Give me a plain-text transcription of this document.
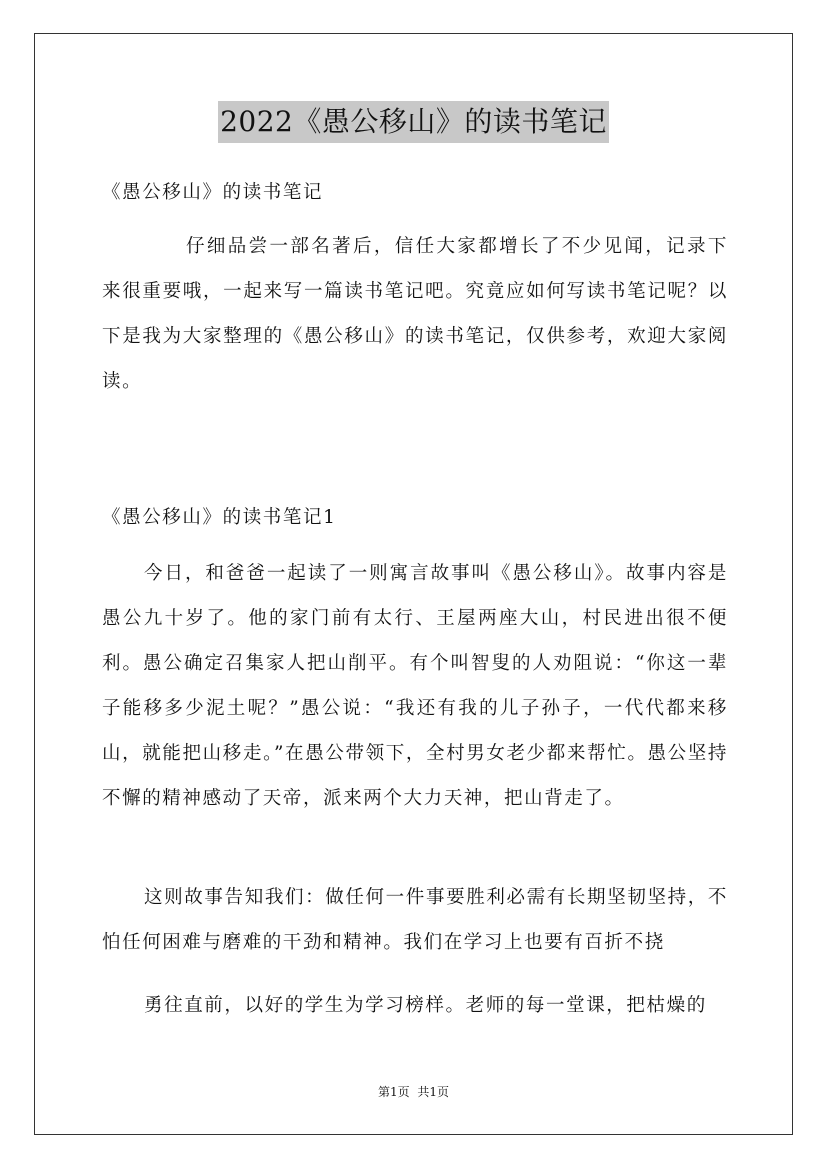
2022《愚公移山》的读书笔记

《愚公移山》的读书笔记

仔细品尝一部名著后，信任大家都增长了不少见闻，记录下来很重要哦，一起来写一篇读书笔记吧。究竟应如何写读书笔记呢？以下是我为大家整理的《愚公移山》的读书笔记，仅供参考，欢迎大家阅读。

《愚公移山》的读书笔记1

今日，和爸爸一起读了一则寓言故事叫《愚公移山》。故事内容是愚公九十岁了。他的家门前有太行、王屋两座大山，村民进出很不便利。愚公确定召集家人把山削平。有个叫智叟的人劝阻说：“你这一辈子能移多少泥土呢？”愚公说：“我还有我的儿子孙子，一代代都来移山，就能把山移走。”在愚公带领下，全村男女老少都来帮忙。愚公坚持不懈的精神感动了天帝，派来两个大力天神，把山背走了。

这则故事告知我们：做任何一件事要胜利必需有长期坚韧坚持，不怕任何困难与磨难的干劲和精神。我们在学习上也要有百折不挠

勇往直前，以好的学生为学习榜样。老师的每一堂课，把枯燥的

第1页 共1页
